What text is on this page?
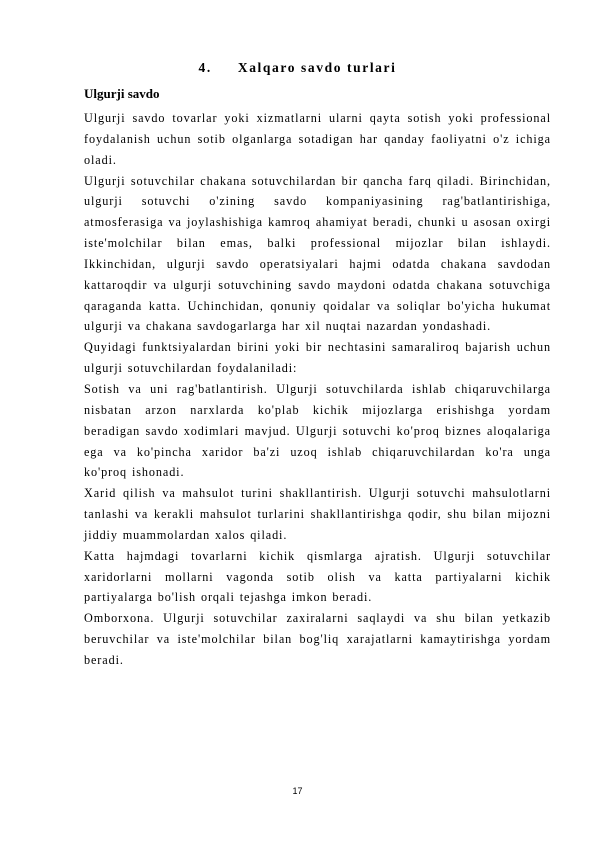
4. Xalqaro savdo turlari
Ulgurji savdo

Ulgurji savdo tovarlar yoki xizmatlarni ularni qayta sotish yoki professional foydalanish uchun sotib olganlarga sotadigan har qanday faoliyatni o'z ichiga oladi.

Ulgurji sotuvchilar chakana sotuvchilardan bir qancha farq qiladi. Birinchidan, ulgurji sotuvchi o'zining savdo kompaniyasining rag'batlantirishiga, atmosferasiga va joylashishiga kamroq ahamiyat beradi, chunki u asosan oxirgi iste'molchilar bilan emas, balki professional mijozlar bilan ishlaydi. Ikkinchidan, ulgurji savdo operatsiyalari hajmi odatda chakana savdodan kattaroqdir va ulgurji sotuvchining savdo maydoni odatda chakana sotuvchiga qaraganda katta. Uchinchidan, qonuniy qoidalar va soliqlar bo'yicha hukumat ulgurji va chakana savdogarlarga har xil nuqtai nazardan yondashadi.

Quyidagi funktsiyalardan birini yoki bir nechtasini samaraliroq bajarish uchun ulgurji sotuvchilardan foydalaniladi:

Sotish va uni rag'batlantirish. Ulgurji sotuvchilarda ishlab chiqaruvchilarga nisbatan arzon narxlarda ko'plab kichik mijozlarga erishishga yordam beradigan savdo xodimlari mavjud. Ulgurji sotuvchi ko'proq biznes aloqalariga ega va ko'pincha xaridor ba'zi uzoq ishlab chiqaruvchilardan ko'ra unga ko'proq ishonadi.

Xarid qilish va mahsulot turini shakllantirish. Ulgurji sotuvchi mahsulotlarni tanlashi va kerakli mahsulot turlarini shakllantirishga qodir, shu bilan mijozni jiddiy muammolardan xalos qiladi.

Katta hajmdagi tovarlarni kichik qismlarga ajratish. Ulgurji sotuvchilar xaridorlarni mollarni vagonda sotib olish va katta partiyalarni kichik partiyalarga bo'lish orqali tejashga imkon beradi.

Omborxona. Ulgurji sotuvchilar zaxiralarni saqlaydi va shu bilan yetkazib beruvchilar va iste'molchilar bilan bog'liq xarajatlarni kamaytirishga yordam beradi.

17
